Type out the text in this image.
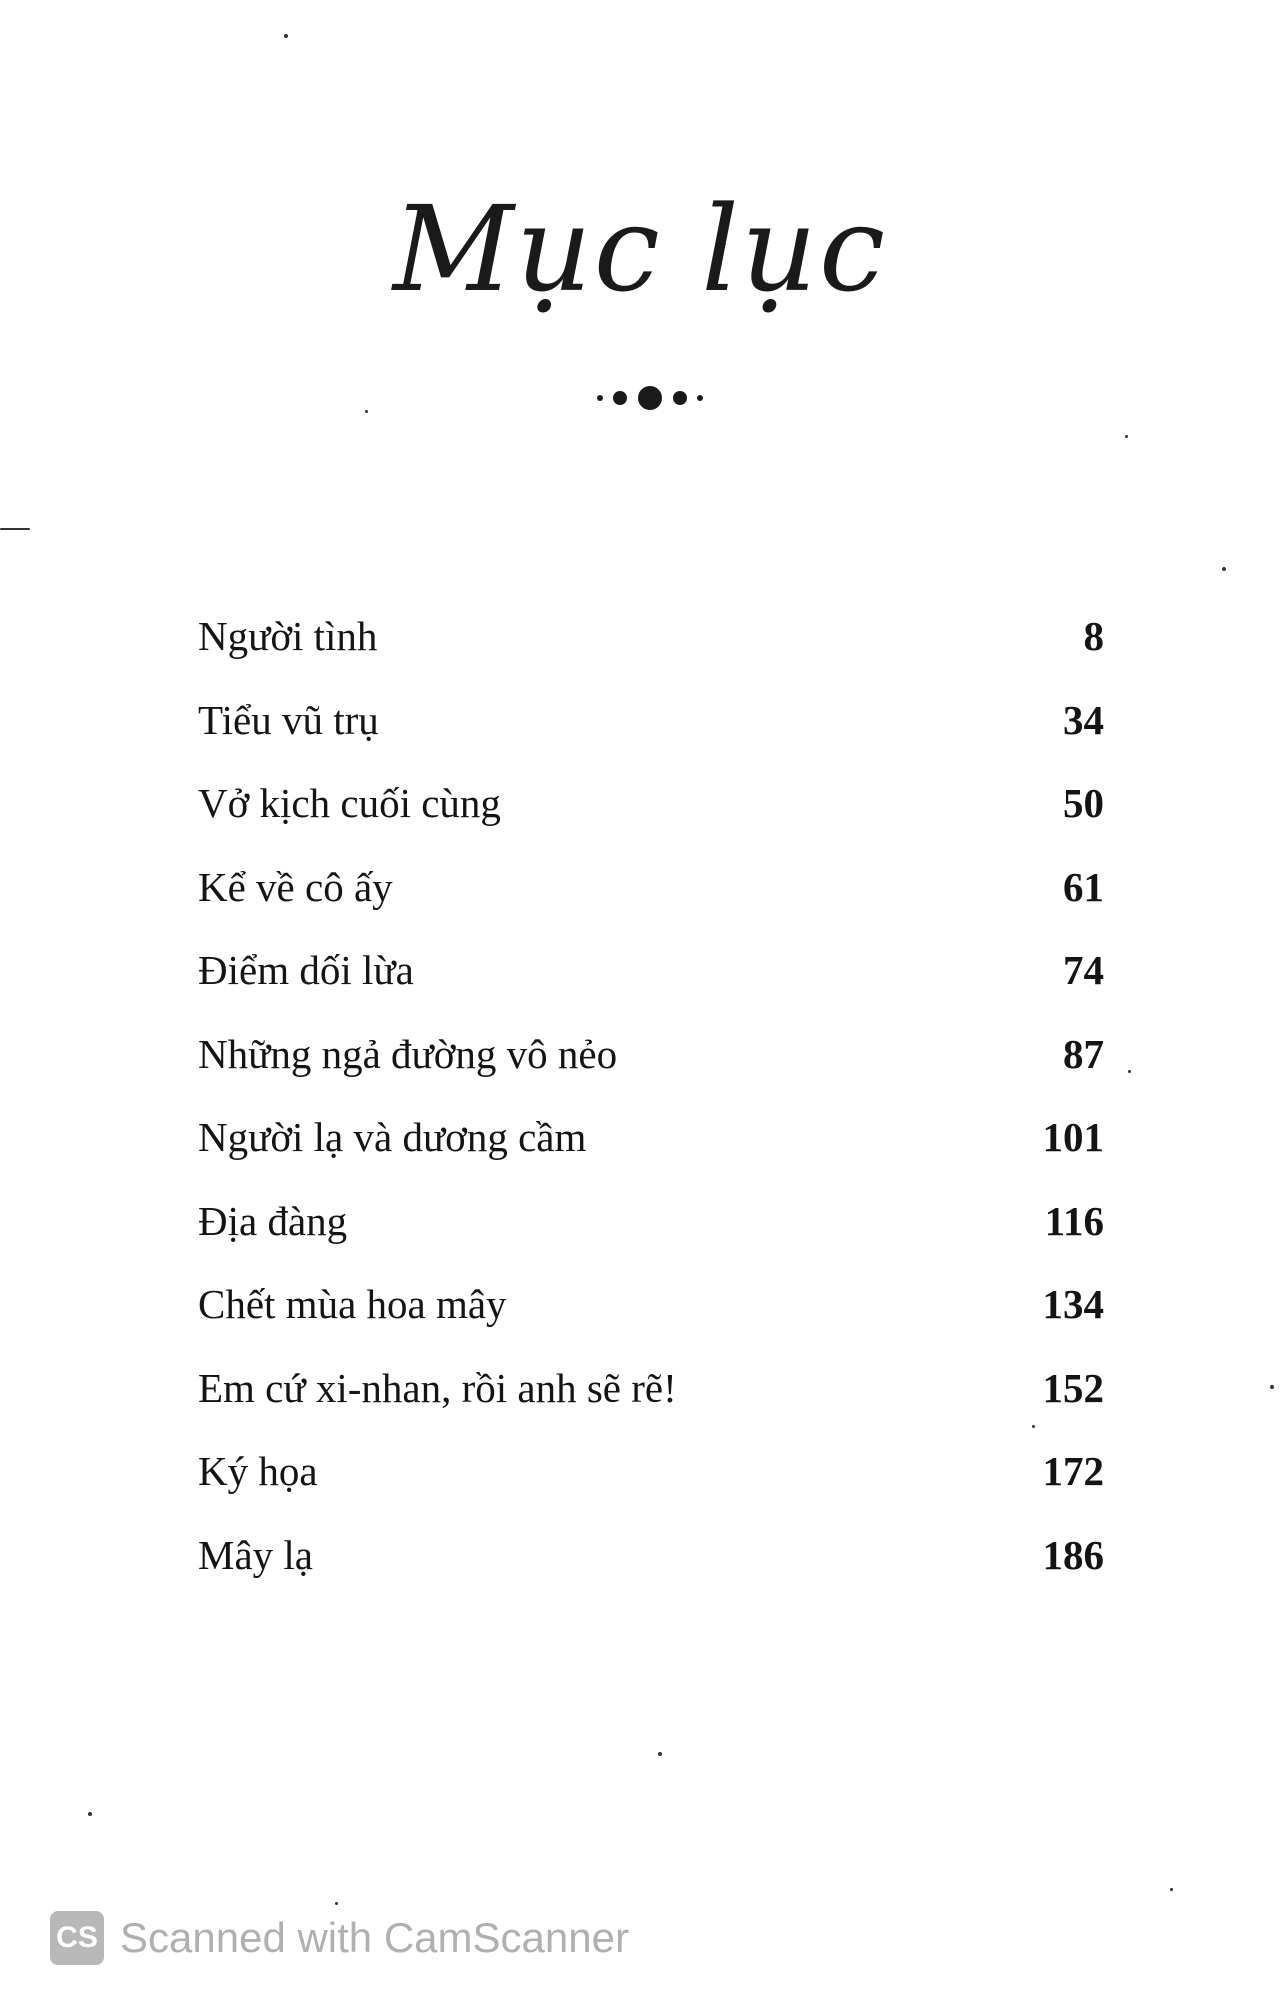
Mục lục
Người tình	8
Tiểu vũ trụ	34
Vở kịch cuối cùng	50
Kể về cô ấy	61
Điểm dối lừa	74
Những ngả đường vô nẻo	87
Người lạ và dương cầm	101
Địa đàng	116
Chết mùa hoa mây	134
Em cứ xi-nhan, rồi anh sẽ rẽ!	152
Ký họa	172
Mây lạ	186
CS Scanned with CamScanner
